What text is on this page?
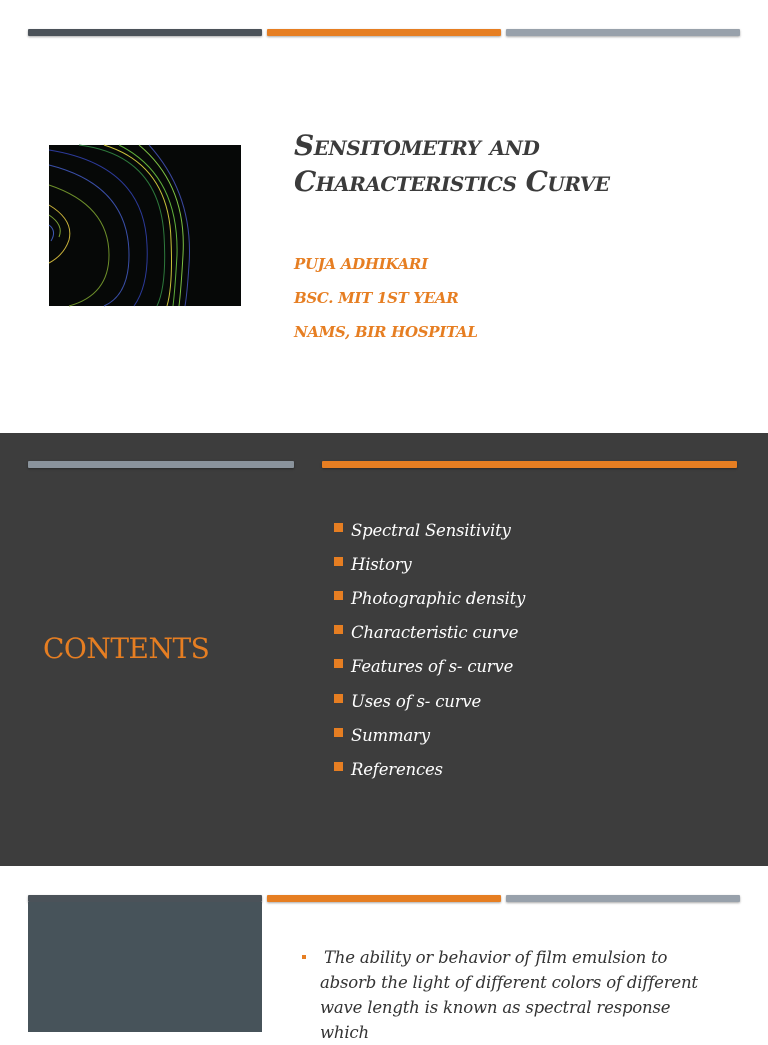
Sensitometry and Characteristics Curve
PUJA ADHIKARI
BSC. MIT 1ST YEAR
NAMS, BIR HOSPITAL
CONTENTS
Spectral Sensitivity
History
Photographic density
Characteristic curve
Features of s- curve
Uses of s- curve
Summary
References
The ability or behavior of film emulsion to
absorb the light of different colors of different
wave length is known as spectral response which
